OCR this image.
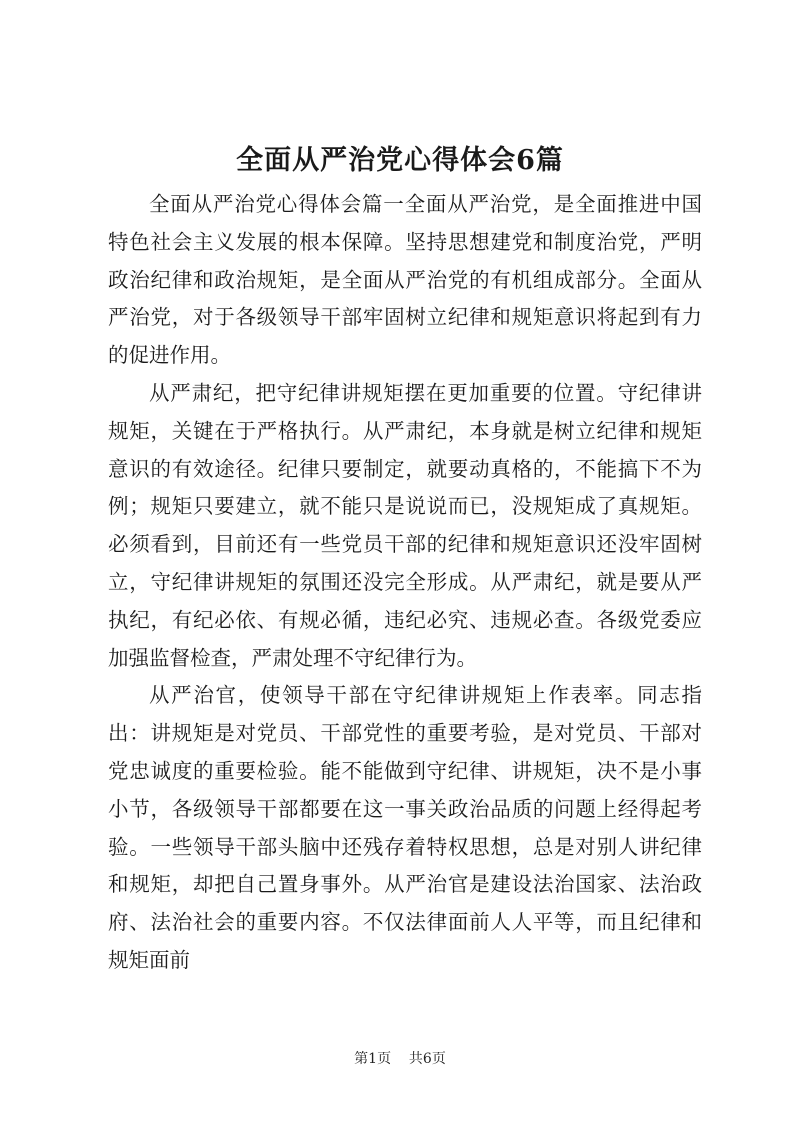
全面从严治党心得体会6篇

全面从严治党心得体会篇一全面从严治党，是全面推进中国特色社会主义发展的根本保障。坚持思想建党和制度治党，严明政治纪律和政治规矩，是全面从严治党的有机组成部分。全面从严治党，对于各级领导干部牢固树立纪律和规矩意识将起到有力的促进作用。

从严肃纪，把守纪律讲规矩摆在更加重要的位置。守纪律讲规矩，关键在于严格执行。从严肃纪，本身就是树立纪律和规矩意识的有效途径。纪律只要制定，就要动真格的，不能搞下不为例；规矩只要建立，就不能只是说说而已，没规矩成了真规矩。必须看到，目前还有一些党员干部的纪律和规矩意识还没牢固树立，守纪律讲规矩的氛围还没完全形成。从严肃纪，就是要从严执纪，有纪必依、有规必循，违纪必究、违规必查。各级党委应加强监督检查，严肃处理不守纪律行为。

从严治官，使领导干部在守纪律讲规矩上作表率。同志指出：讲规矩是对党员、干部党性的重要考验，是对党员、干部对党忠诚度的重要检验。能不能做到守纪律、讲规矩，决不是小事小节，各级领导干部都要在这一事关政治品质的问题上经得起考验。一些领导干部头脑中还残存着特权思想，总是对别人讲纪律和规矩，却把自己置身事外。从严治官是建设法治国家、法治政府、法治社会的重要内容。不仅法律面前人人平等，而且纪律和规矩面前

第1页 共6页
